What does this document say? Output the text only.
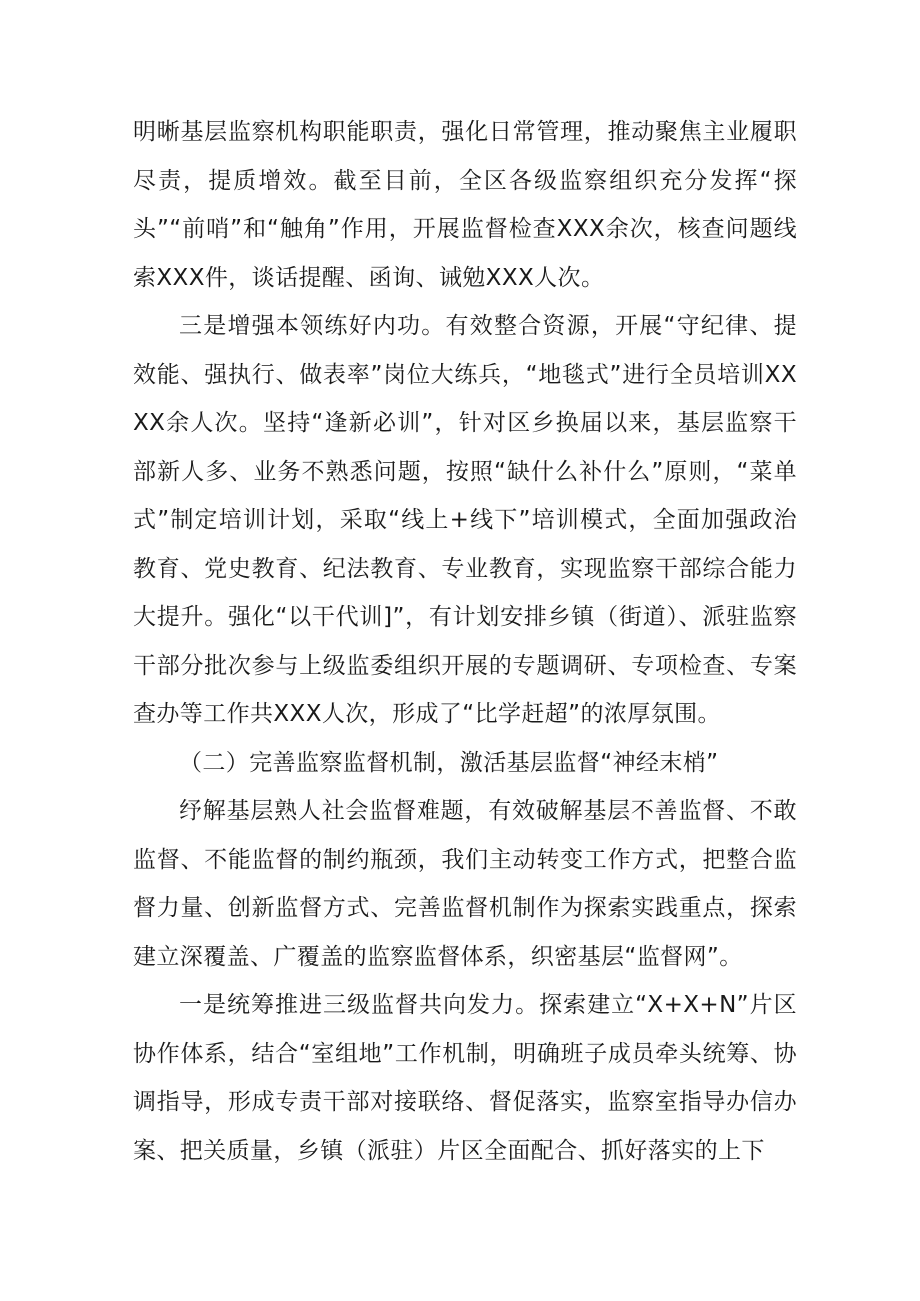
明晰基层监察机构职能职责，强化日常管理，推动聚焦主业履职尽责，提质增效。截至目前，全区各级监察组织充分发挥“探头”“前哨”和“触角”作用，开展监督检查XXX余次，核查问题线索XXX件，谈话提醒、函询、诫勉XXX人次。

三是增强本领练好内功。有效整合资源，开展“守纪律、提效能、强执行、做表率”岗位大练兵，“地毯式”进行全员培训XXXX余人次。坚持“逢新必训”，针对区乡换届以来，基层监察干部新人多、业务不熟悉问题，按照“缺什么补什么”原则，“菜单式”制定培训计划，采取“线上+线下”培训模式，全面加强政治教育、党史教育、纪法教育、专业教育，实现监察干部综合能力大提升。强化“以干代训]”，有计划安排乡镇（街道）、派驻监察干部分批次参与上级监委组织开展的专题调研、专项检查、专案查办等工作共XXX人次，形成了“比学赶超”的浓厚氛围。

（二）完善监察监督机制，激活基层监督“神经末梢”

纾解基层熟人社会监督难题，有效破解基层不善监督、不敢监督、不能监督的制约瓶颈，我们主动转变工作方式，把整合监督力量、创新监督方式、完善监督机制作为探索实践重点，探索建立深覆盖、广覆盖的监察监督体系，织密基层“监督网”。

一是统筹推进三级监督共向发力。探索建立“X+X+N”片区协作体系，结合“室组地”工作机制，明确班子成员牵头统筹、协调指导，形成专责干部对接联络、督促落实，监察室指导办信办案、把关质量，乡镇（派驻）片区全面配合、抓好落实的上下
